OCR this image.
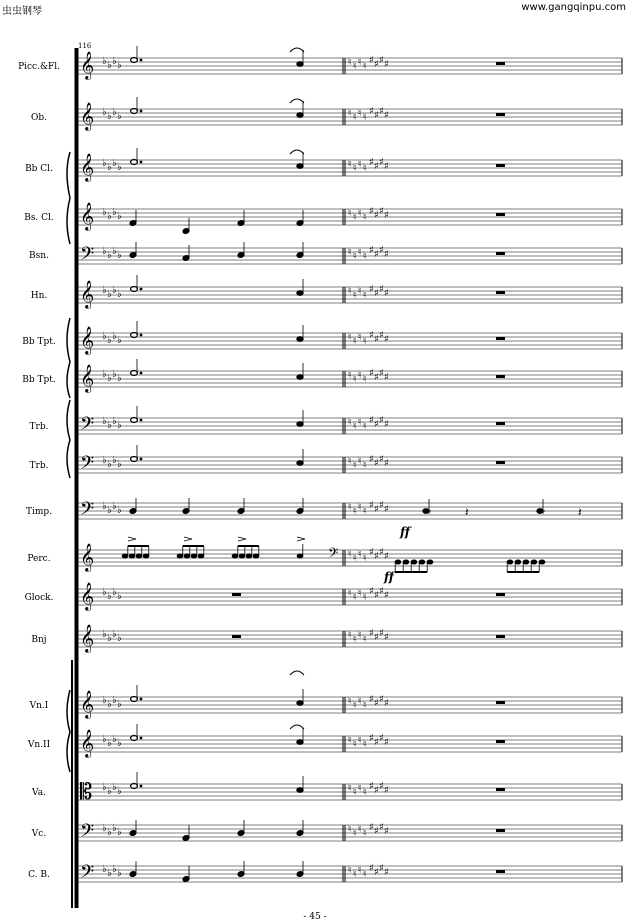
虫虫钢琴	www.gangqinpu.com
116
- 45 -
Picc.&Fl.
Ob.
Bb Cl.
Bs. Cl.
Bsn.
Hn.
Bb Tpt.
Bb Tpt.
Trb.
Trb.
Timp.
Perc.
Glock.
Bnj
Vn.I
Vn.II
Va.
Vc.
C. B.
𝄞
𝄞
𝄞
𝄞
𝄢
𝄞
𝄞
𝄞
𝄢
𝄢
𝄢
𝄞
𝄞
𝄞
𝄞
𝄞
𝄡
𝄢
𝄢
♭ ♭ ♭ ♭	♮ ♮ ♮ ♮
♯ ♯ ♯ ♯
♭ ♭ ♭ ♭	♮ ♮ ♮ ♮
♯ ♯ ♯ ♯
♭ ♭ ♭ ♭	♮ ♮ ♮ ♮
♯ ♯ ♯ ♯
♭ ♭ ♭ ♭	♮ ♮ ♮ ♮
♯ ♯ ♯ ♯
♭ ♭ ♭ ♭	♮ ♮ ♮ ♮
♯ ♯ ♯ ♯
♭ ♭ ♭ ♭	♮ ♮ ♮ ♮
♯ ♯ ♯ ♯
♭ ♭ ♭ ♭	♮ ♮ ♮ ♮
♯ ♯ ♯ ♯
♭ ♭ ♭ ♭	♮ ♮ ♮ ♮
♯ ♯ ♯ ♯
♭ ♭ ♭ ♭	♮ ♮ ♮ ♮
♯ ♯ ♯ ♯
♭ ♭ ♭ ♭	♮ ♮ ♮ ♮
♯ ♯ ♯ ♯
♭ ♭ ♭ ♭	♮ ♮ ♮ ♮
♯ ♯ ♯ ♯
♮ ♮ ♮ ♮
♯ ♯ ♯ ♯
♭ ♭ ♭ ♭	♮ ♮ ♮ ♮
♯ ♯ ♯ ♯
♭ ♭ ♭ ♭	♮ ♮ ♮ ♮
♯ ♯ ♯ ♯
♭ ♭ ♭ ♭	♮ ♮ ♮ ♮
♯ ♯ ♯ ♯
♭ ♭ ♭ ♭	♮ ♮ ♮ ♮
♯ ♯ ♯ ♯
♭ ♭ ♭ ♭	♮ ♮ ♮ ♮
♯ ♯ ♯ ♯
♭ ♭ ♭ ♭	♮ ♮ ♮ ♮
♯ ♯ ♯ ♯
♭ ♭ ♭ ♭	♮ ♮ ♮ ♮
♯ ♯ ♯ ♯
𝄢
𝄾	𝄽	𝄾	𝄽
ff
ff
